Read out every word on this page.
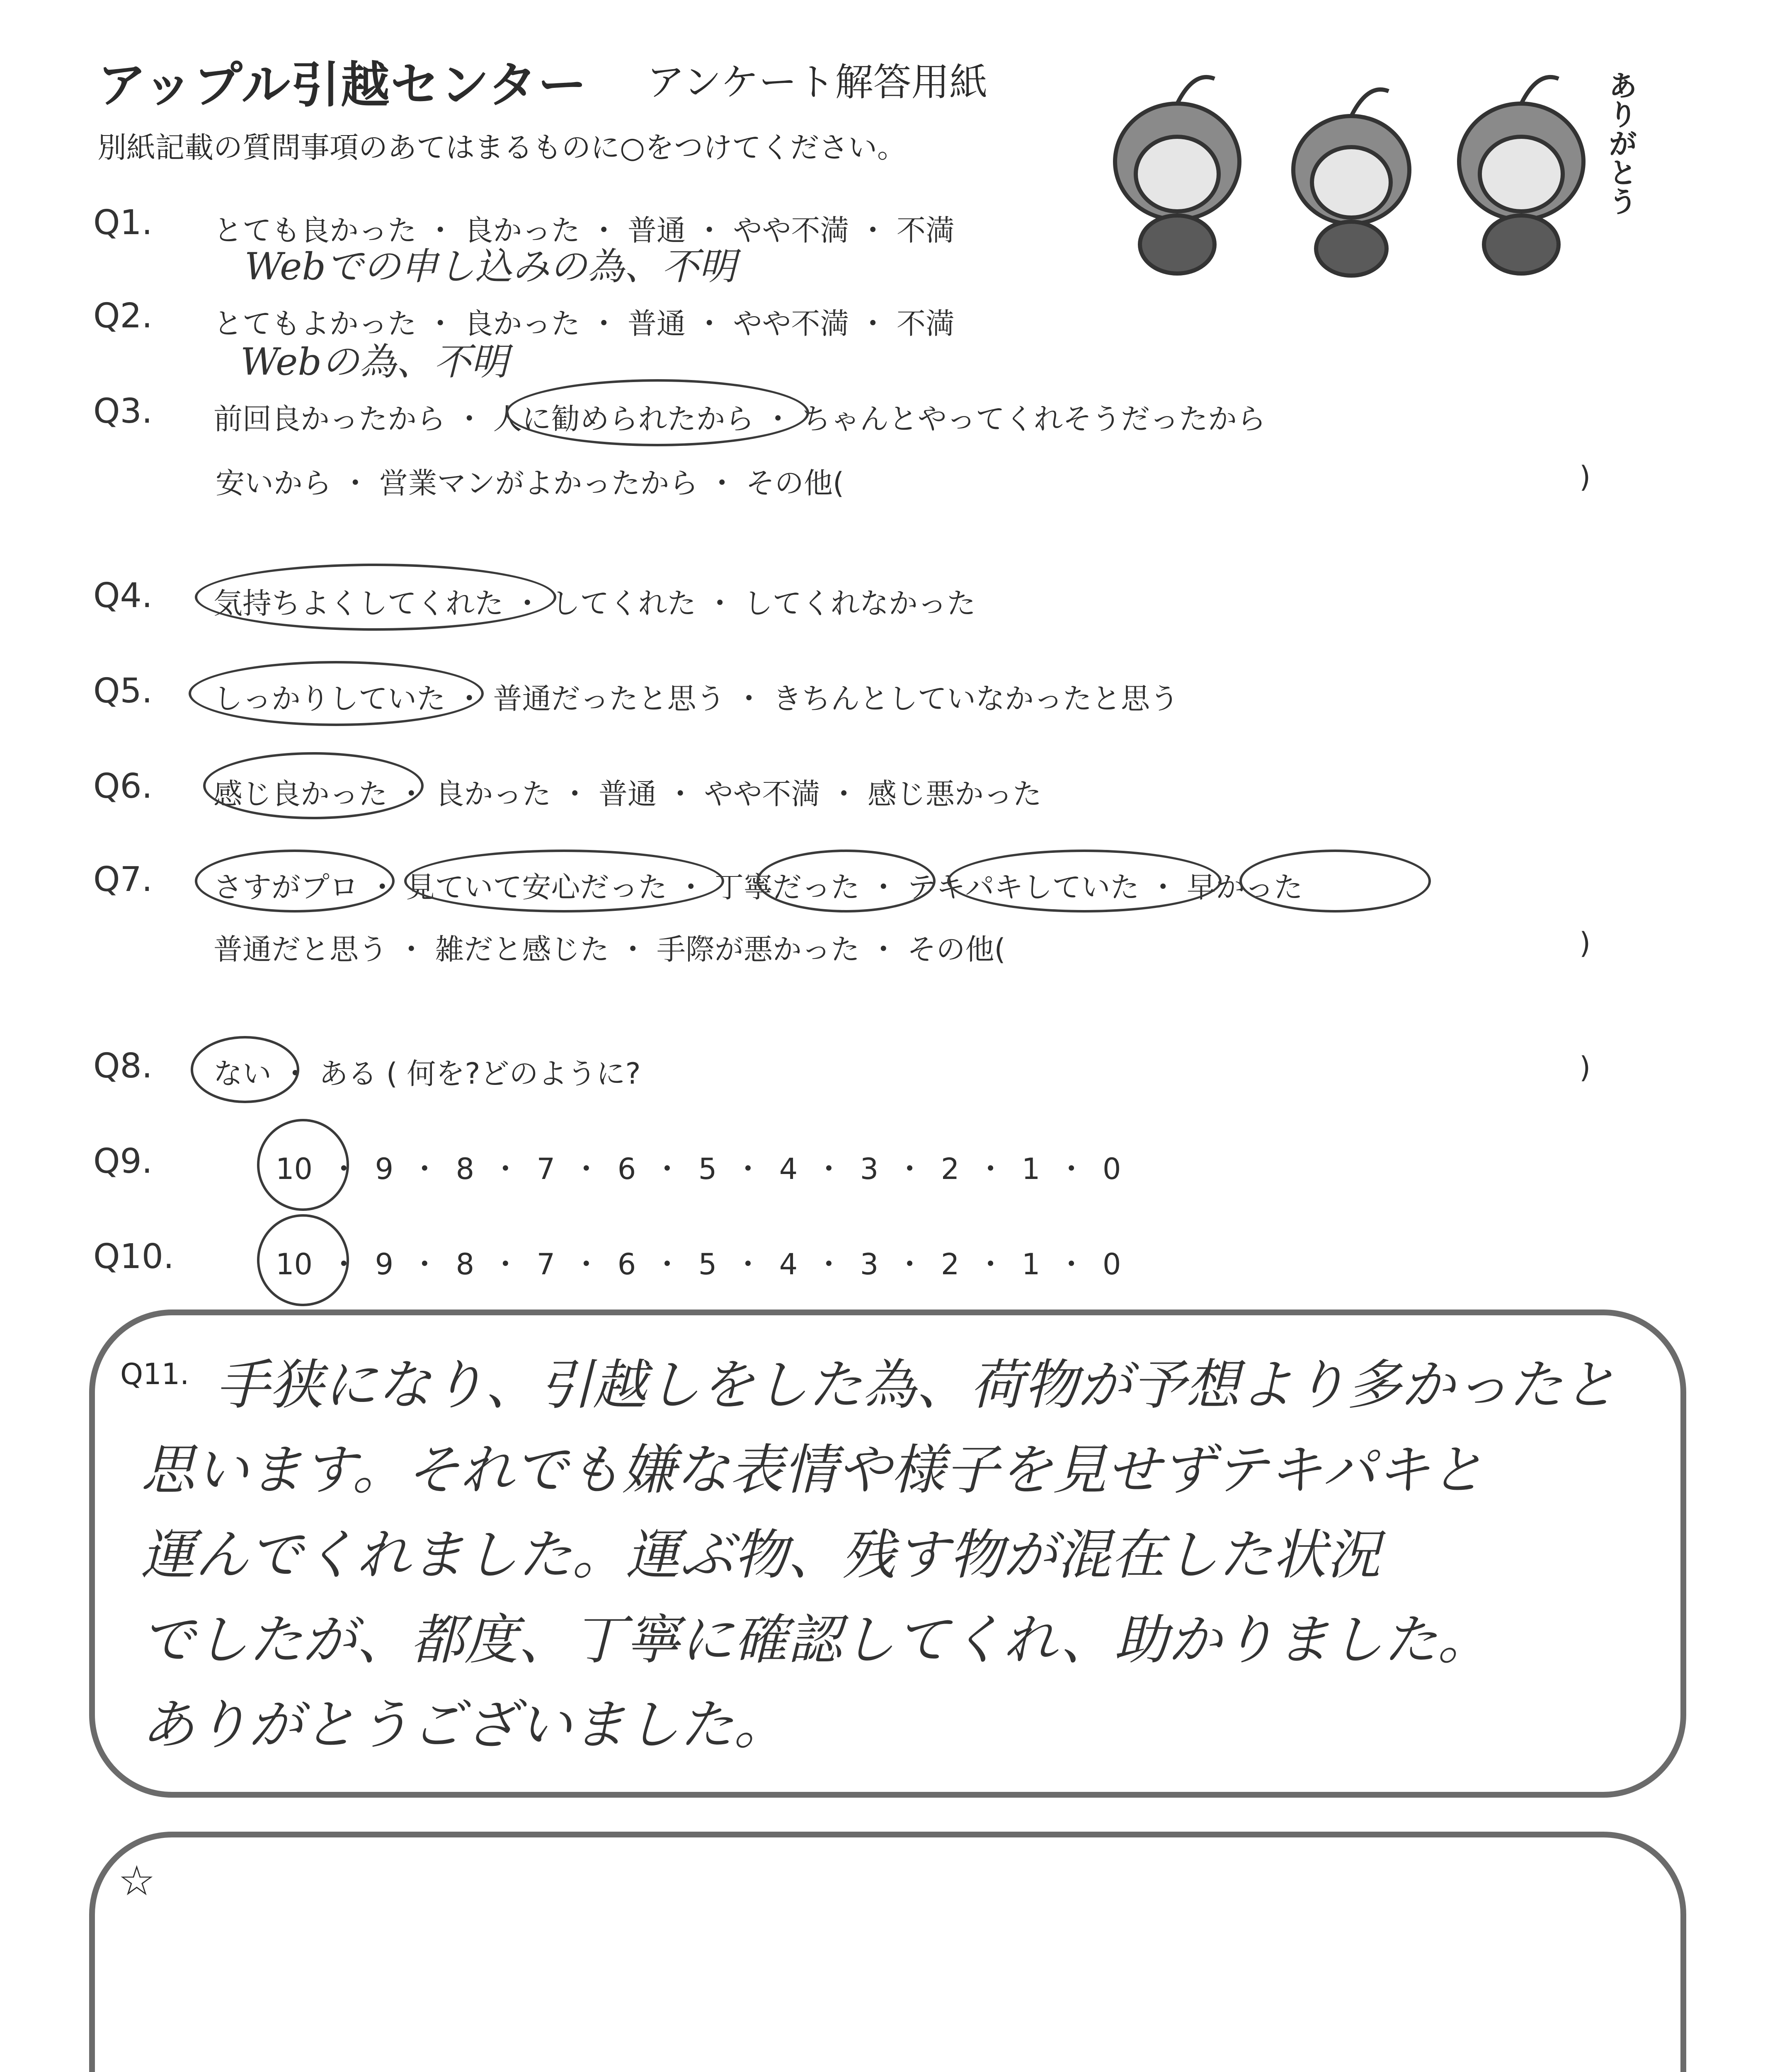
アップル引越センター アンケート解答用紙
別紙記載の質問事項のあてはまるものに○をつけてください。	ありがとう
Q1. とても良かった ・ 良かった ・ 普通 ・ やや不満 ・ 不満
Webでの申し込みの為、不明
Q2. とてもよかった ・ 良かった ・ 普通 ・ やや不満 ・ 不満
Webの為、不明
Q3. 前回良かったから ・ 人に勧められたから ・ ちゃんとやってくれそうだったから
安いから ・ 営業マンがよかったから ・ その他(	)
Q4. 気持ちよくしてくれた ・ してくれた ・ してくれなかった
Q5. しっかりしていた ・ 普通だったと思う ・ きちんとしていなかったと思う
Q6. 感じ良かった ・ 良かった ・ 普通 ・ やや不満 ・ 感じ悪かった
Q7. さすがプロ ・ 見ていて安心だった ・ 丁寧だった ・ テキパキしていた ・ 早かった
普通だと思う ・ 雑だと感じた ・ 手際が悪かった ・ その他(	)
Q8. ない ・ ある ( 何を?どのように?	)
Q9.	10 ・ 9 ・ 8 ・ 7 ・ 6 ・ 5 ・ 4 ・ 3 ・ 2 ・ 1 ・ 0
Q10.	10 ・ 9 ・ 8 ・ 7 ・ 6 ・ 5 ・ 4 ・ 3 ・ 2 ・ 1 ・ 0
Q11. 手狭になり、引越しをした為、荷物が予想より多かったと
思います。それでも嫌な表情や様子を見せずテキパキと
運んでくれました。運ぶ物、残す物が混在した状況
でしたが、都度、丁寧に確認してくれ、助かりました。
ありがとうございました。
☆
